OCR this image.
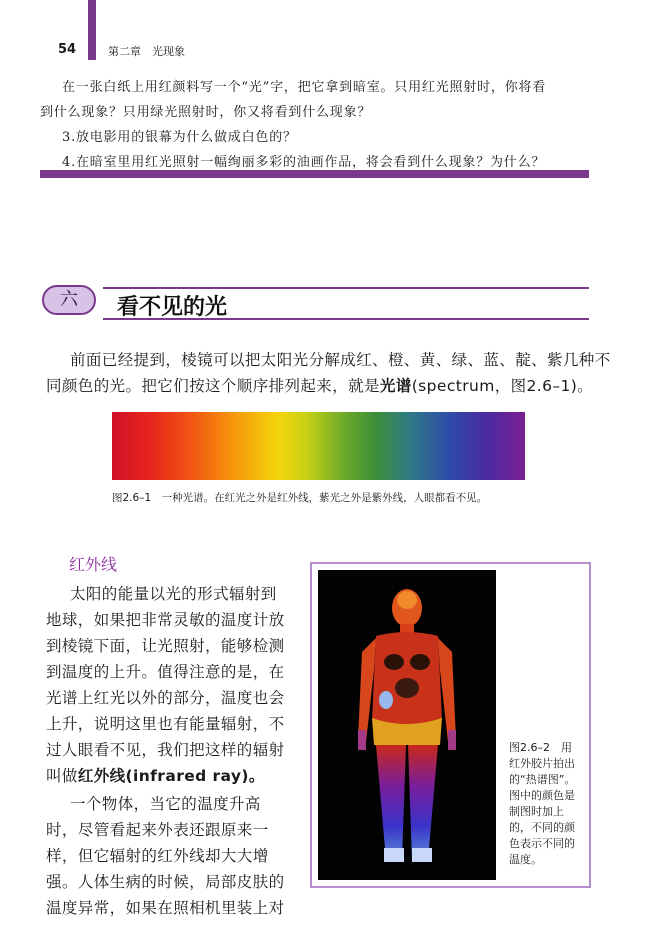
54	第二章　光现象
在一张白纸上用红颜料写一个“光”字，把它拿到暗室。只用红光照射时，你将看
到什么现象？只用绿光照射时，你又将看到什么现象？
3.放电影用的银幕为什么做成白色的？
4.在暗室里用红光照射一幅绚丽多彩的油画作品，将会看到什么现象？为什么？
六	看不见的光
前面已经提到，棱镜可以把太阳光分解成红、橙、黄、绿、蓝、靛、紫几种不
同颜色的光。把它们按这个顺序排列起来，就是光谱(spectrum，图2.6–1)。
图2.6–1　一种光谱。在红光之外是红外线，紫光之外是紫外线，人眼都看不见。
红外线
太阳的能量以光的形式辐射到
地球，如果把非常灵敏的温度计放
到棱镜下面，让光照射，能够检测
到温度的上升。值得注意的是，在
光谱上红光以外的部分，温度也会
上升，说明这里也有能量辐射，不
过人眼看不见，我们把这样的辐射
叫做红外线(infrared ray)。
一个物体，当它的温度升高
时，尽管看起来外表还跟原来一
样，但它辐射的红外线却大大增
强。人体生病的时候，局部皮肤的
温度异常，如果在照相机里装上对
图2.6–2　用
红外胶片拍出
的“热谱图”。
图中的颜色是
制图时加上
的，不同的颜
色表示不同的
温度。
